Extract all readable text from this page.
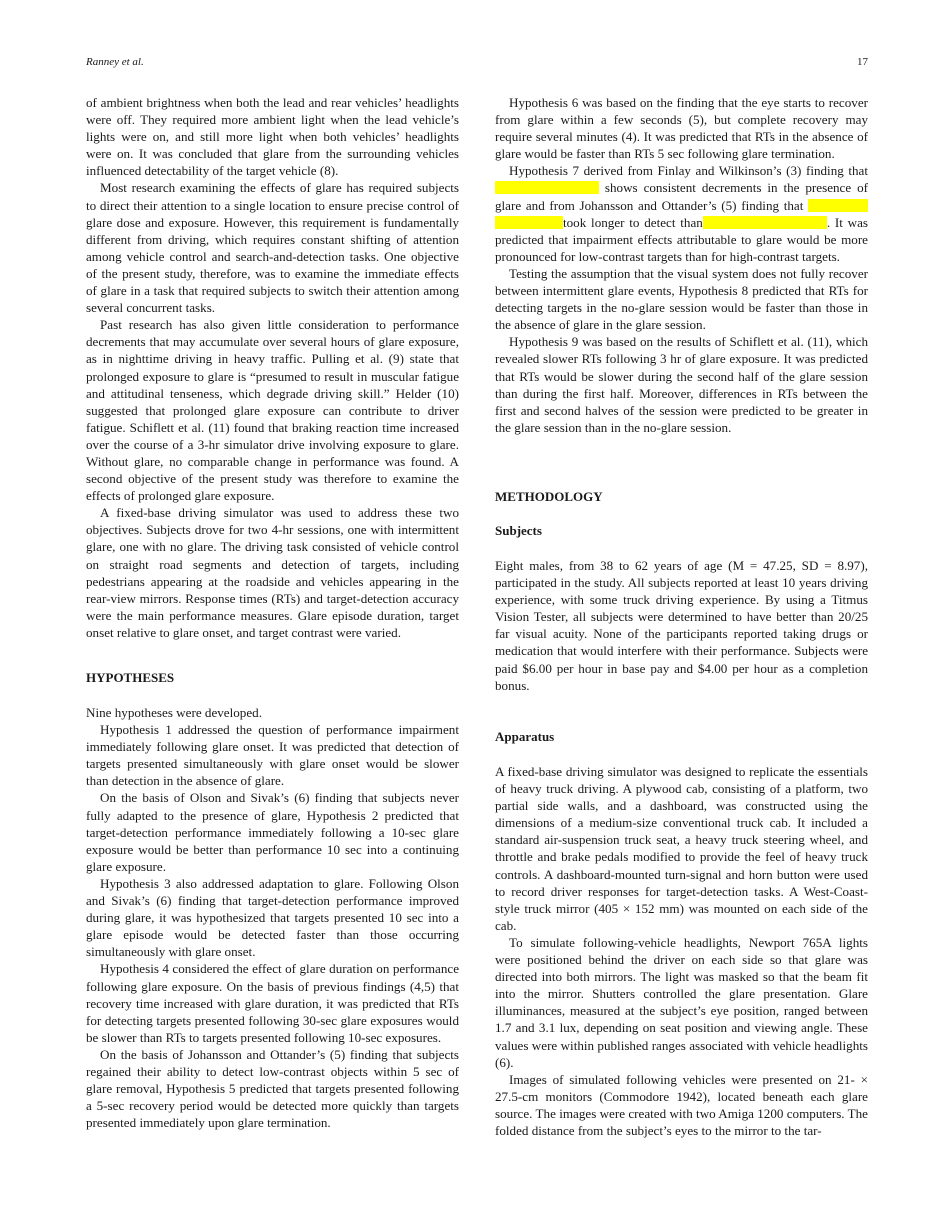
Ranney et al.	17

of ambient brightness when both the lead and rear vehicles’ headlights were off. They required more ambient light when the lead vehicle’s lights were on, and still more light when both vehicles’ headlights were on. It was concluded that glare from the surrounding vehicles influenced detectability of the target vehicle (8).

Most research examining the effects of glare has required subjects to direct their attention to a single location to ensure precise control of glare dose and exposure. However, this requirement is fundamentally different from driving, which requires constant shifting of attention among vehicle control and search-and-detection tasks. One objective of the present study, therefore, was to examine the immediate effects of glare in a task that required subjects to switch their attention among several concurrent tasks.

Past research has also given little consideration to performance decrements that may accumulate over several hours of glare exposure, as in nighttime driving in heavy traffic. Pulling et al. (9) state that prolonged exposure to glare is “presumed to result in muscular fatigue and attitudinal tenseness, which degrade driving skill.” Helder (10) suggested that prolonged glare exposure can contribute to driver fatigue. Schiflett et al. (11) found that braking reaction time increased over the course of a 3-hr simulator drive involving exposure to glare. Without glare, no comparable change in performance was found. A second objective of the present study was therefore to examine the effects of prolonged glare exposure.

A fixed-base driving simulator was used to address these two objectives. Subjects drove for two 4-hr sessions, one with intermittent glare, one with no glare. The driving task consisted of vehicle control on straight road segments and detection of targets, including pedestrians appearing at the roadside and vehicles appearing in the rear-view mirrors. Response times (RTs) and target-detection accuracy were the main performance measures. Glare episode duration, target onset relative to glare onset, and target contrast were varied.

HYPOTHESES

Nine hypotheses were developed.

Hypothesis 1 addressed the question of performance impairment immediately following glare onset. It was predicted that detection of targets presented simultaneously with glare onset would be slower than detection in the absence of glare.

On the basis of Olson and Sivak’s (6) finding that subjects never fully adapted to the presence of glare, Hypothesis 2 predicted that target-detection performance immediately following a 10-sec glare exposure would be better than performance 10 sec into a continuing glare exposure.

Hypothesis 3 also addressed adaptation to glare. Following Olson and Sivak’s (6) finding that target-detection performance improved during glare, it was hypothesized that targets presented 10 sec into a glare episode would be detected faster than those occurring simultaneously with glare onset.

Hypothesis 4 considered the effect of glare duration on performance following glare exposure. On the basis of previous findings (4,5) that recovery time increased with glare duration, it was predicted that RTs for detecting targets presented following 30-sec glare exposures would be slower than RTs to targets presented following 10-sec exposures.

On the basis of Johansson and Ottander’s (5) finding that subjects regained their ability to detect low-contrast objects within 5 sec of glare removal, Hypothesis 5 predicted that targets presented following a 5-sec recovery period would be detected more quickly than targets presented immediately upon glare termination.

Hypothesis 6 was based on the finding that the eye starts to recover from glare within a few seconds (5), but complete recovery may require several minutes (4). It was predicted that RTs in the absence of glare would be faster than RTs 5 sec following glare termination.

Hypothesis 7 derived from Finlay and Wilkinson’s (3) finding that  shows consistent decrements in the presence of glare and from Johansson and Ottander’s (5) finding that  took longer to detect than	. It was predicted that impairment effects attributable to glare would be more pronounced for low-contrast targets than for high-contrast targets.

Testing the assumption that the visual system does not fully recover between intermittent glare events, Hypothesis 8 predicted that RTs for detecting targets in the no-glare session would be faster than those in the absence of glare in the glare session.

Hypothesis 9 was based on the results of Schiflett et al. (11), which revealed slower RTs following 3 hr of glare exposure. It was predicted that RTs would be slower during the second half of the glare session than during the first half. Moreover, differences in RTs between the first and second halves of the session were predicted to be greater in the glare session than in the no-glare session.

METHODOLOGY
Subjects

Eight males, from 38 to 62 years of age (M = 47.25, SD = 8.97), participated in the study. All subjects reported at least 10 years driving experience, with some truck driving experience. By using a Titmus Vision Tester, all subjects were determined to have better than 20/25 far visual acuity. None of the participants reported taking drugs or medication that would interfere with their performance. Subjects were paid $6.00 per hour in base pay and $4.00 per hour as a completion bonus.

Apparatus

A fixed-base driving simulator was designed to replicate the essentials of heavy truck driving. A plywood cab, consisting of a platform, two partial side walls, and a dashboard, was constructed using the dimensions of a medium-size conventional truck cab. It included a standard air-suspension truck seat, a heavy truck steering wheel, and throttle and brake pedals modified to provide the feel of heavy truck controls. A dashboard-mounted turn-signal and horn button were used to record driver responses for target-detection tasks. A West-Coast-style truck mirror (405 × 152 mm) was mounted on each side of the cab.

To simulate following-vehicle headlights, Newport 765A lights were positioned behind the driver on each side so that glare was directed into both mirrors. The light was masked so that the beam fit into the mirror. Shutters controlled the glare presentation. Glare illuminances, measured at the subject’s eye position, ranged between 1.7 and 3.1 lux, depending on seat position and viewing angle. These values were within published ranges associated with vehicle headlights (6).

Images of simulated following vehicles were presented on 21- × 27.5-cm monitors (Commodore 1942), located beneath each glare source. The images were created with two Amiga 1200 computers. The folded distance from the subject’s eyes to the mirror to the tar-
